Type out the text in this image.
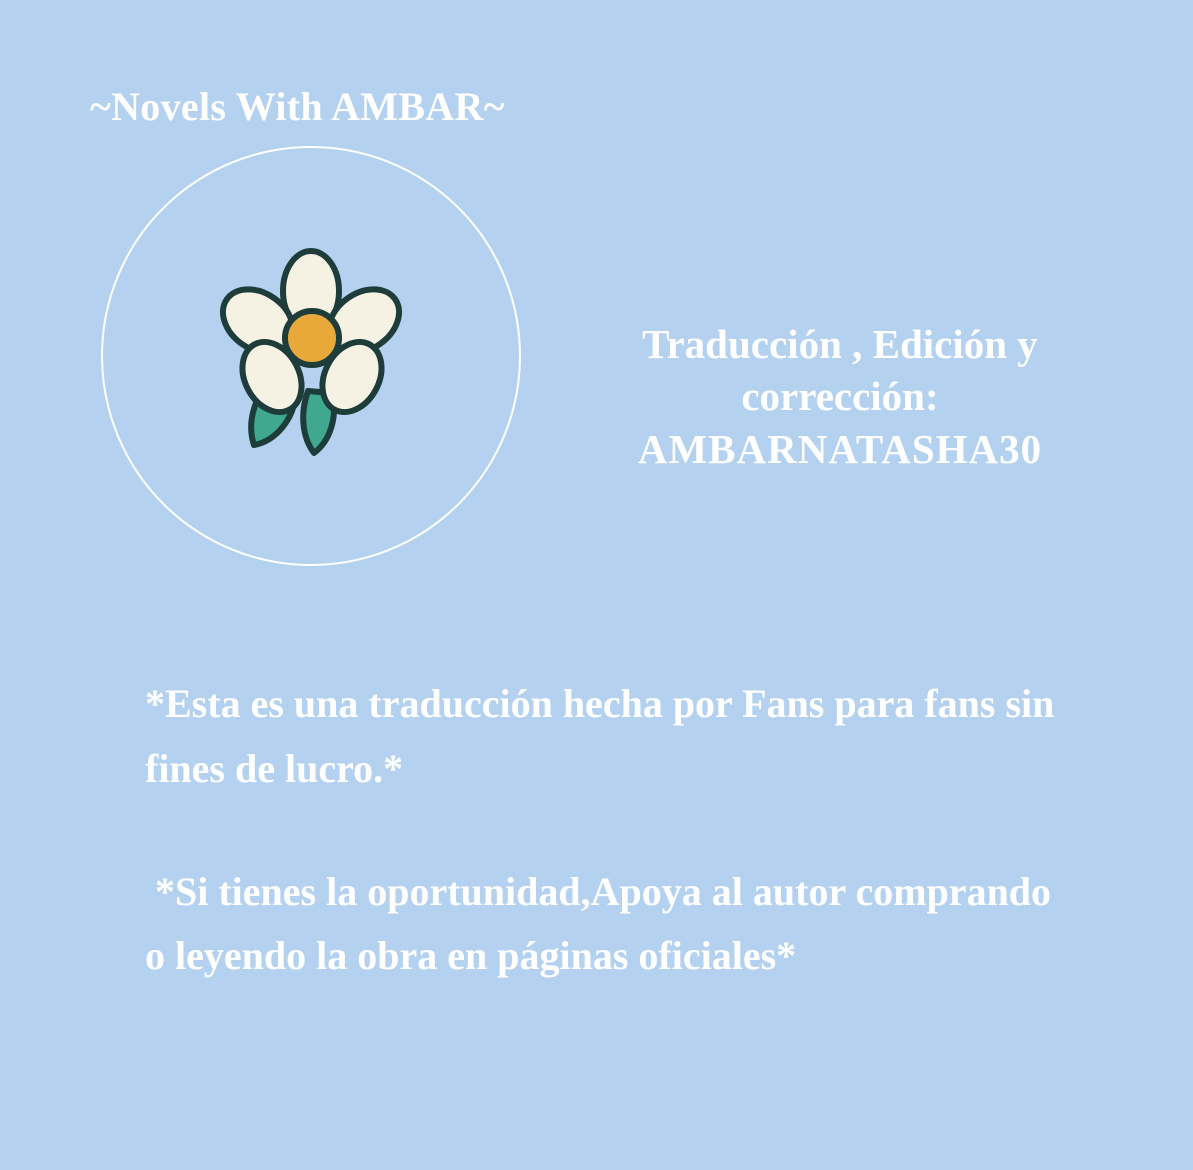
~Novels With AMBAR~
Traducción , Edición y
corrección:
AMBARNATASHA30

*Esta es una traducción hecha por Fans para fans sin fines de lucro.*

*Si tienes la oportunidad,Apoya al autor comprando o leyendo la obra en páginas oficiales*
